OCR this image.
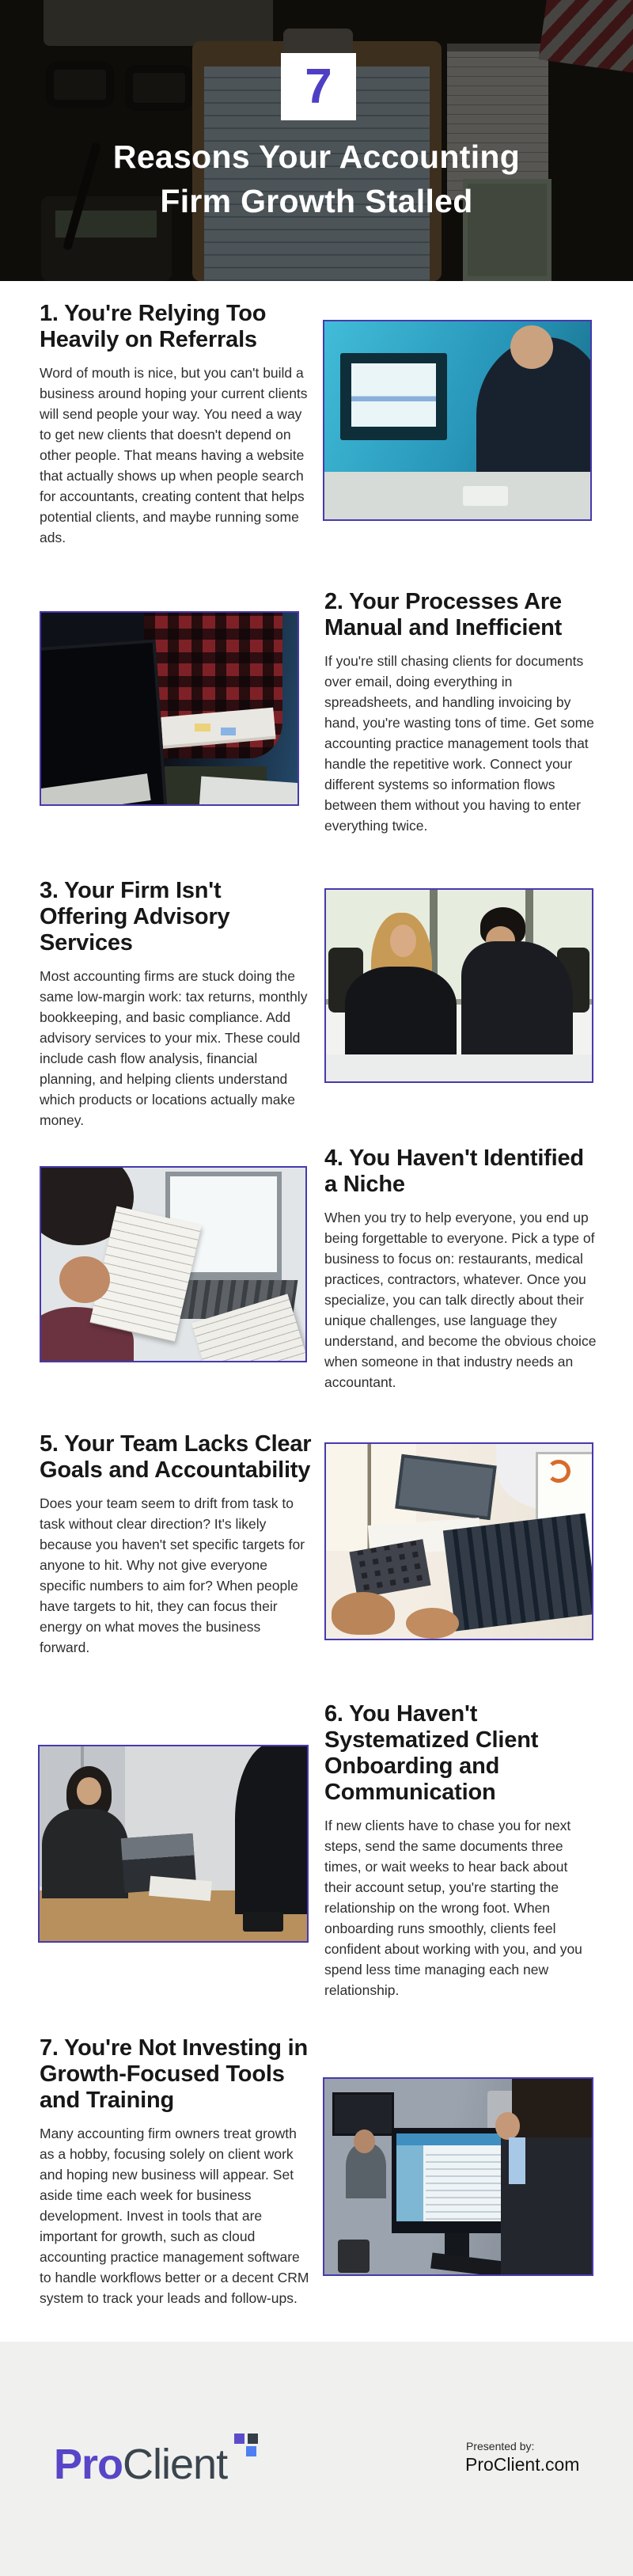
7
Reasons Your Accounting
Firm Growth Stalled
1. You're Relying Too Heavily on Referrals

Word of mouth is nice, but you can't build a business around hoping your current clients will send people your way. You need a way to get new clients that doesn't depend on other people. That means having a website that actually shows up when people search for accountants, creating content that helps potential clients, and maybe running some ads.

2. Your Processes Are Manual and Inefficient

If you're still chasing clients for documents over email, doing everything in spreadsheets, and handling invoicing by hand, you're wasting tons of time. Get some accounting practice management tools that handle the repetitive work. Connect your different systems so information flows between them without you having to enter everything twice.

3. Your Firm Isn't Offering Advisory Services

Most accounting firms are stuck doing the same low-margin work: tax returns, monthly bookkeeping, and basic compliance. Add advisory services to your mix. These could include cash flow analysis, financial planning, and helping clients understand which products or locations actually make money.

4. You Haven't Identified a Niche

When you try to help everyone, you end up being forgettable to everyone. Pick a type of business to focus on: restaurants, medical practices, contractors, whatever. Once you specialize, you can talk directly about their unique challenges, use language they understand, and become the obvious choice when someone in that industry needs an accountant.

5. Your Team Lacks Clear Goals and Accountability

Does your team seem to drift from task to task without clear direction? It's likely because you haven't set specific targets for anyone to hit. Why not give everyone specific numbers to aim for? When people have targets to hit, they can focus their energy on what moves the business forward.

6. You Haven't Systematized Client Onboarding and Communication

If new clients have to chase you for next steps, send the same documents three times, or wait weeks to hear back about their account setup, you're starting the relationship on the wrong foot. When onboarding runs smoothly, clients feel confident about working with you, and you spend less time managing each new relationship.

7. You're Not Investing in Growth-Focused Tools and Training

Many accounting firm owners treat growth as a hobby, focusing solely on client work and hoping new business will appear. Set aside time each week for business development. Invest in tools that are important for growth, such as cloud accounting practice management software to handle workflows better or a decent CRM system to track your leads and follow-ups.

ProClient	Presented by:
ProClient.com
